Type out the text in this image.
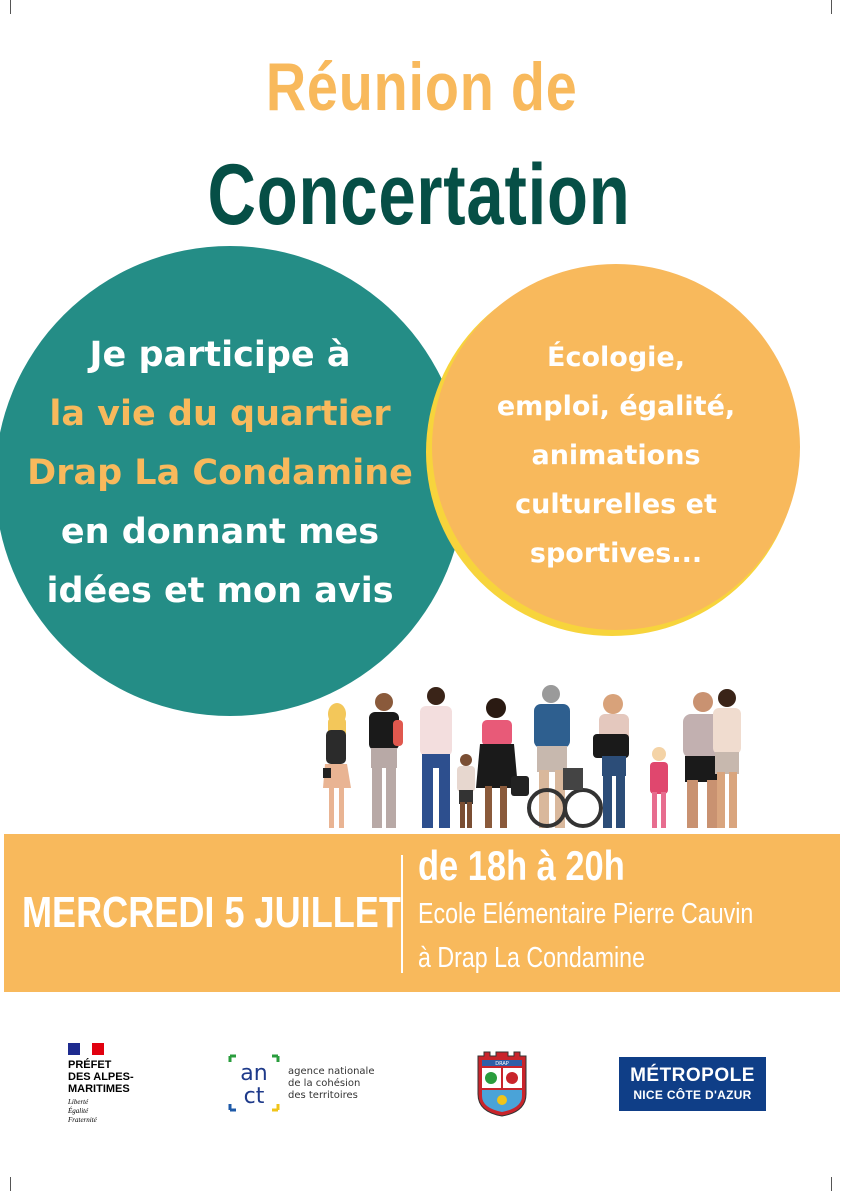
Réunion de
Concertation
Je participe à
la vie du quartier
Drap La Condamine
en donnant mes
idées et mon avis
Écologie,
emploi, égalité,
animations
culturelles et
sportives...
MERCREDI 5 JUILLET
de 18h à 20h
Ecole Elémentaire Pierre Cauvin
à Drap La Condamine
PRÉFET
DES ALPES-
MARITIMES
Liberté
Égalité
Fraternité
an
ct
agence nationale
de la cohésion
des territoires
DRAP
MÉTROPOLE
NICE CÔTE D'AZUR
